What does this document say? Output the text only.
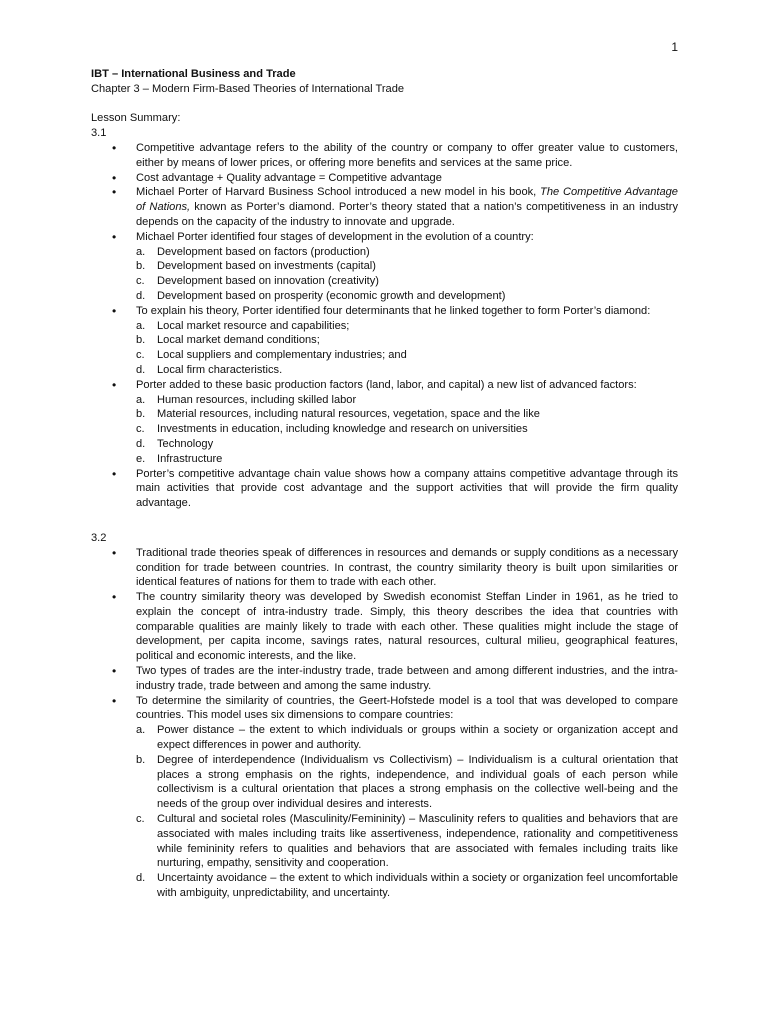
1
IBT – International Business and Trade
Chapter 3 – Modern Firm-Based Theories of International Trade
Lesson Summary:
3.1
• Competitive advantage refers to the ability of the country or company to offer greater value to customers, either by means of lower prices, or offering more benefits and services at the same price.
• Cost advantage + Quality advantage = Competitive advantage
• Michael Porter of Harvard Business School introduced a new model in his book, The Competitive Advantage of Nations, known as Porter’s diamond. Porter’s theory stated that a nation’s competitiveness in an industry depends on the capacity of the industry to innovate and upgrade.
• Michael Porter identified four stages of development in the evolution of a country:
a. Development based on factors (production)
b. Development based on investments (capital)
c. Development based on innovation (creativity)
d. Development based on prosperity (economic growth and development)
• To explain his theory, Porter identified four determinants that he linked together to form Porter’s diamond:
a. Local market resource and capabilities;
b. Local market demand conditions;
c. Local suppliers and complementary industries; and
d. Local firm characteristics.
• Porter added to these basic production factors (land, labor, and capital) a new list of advanced factors:
a. Human resources, including skilled labor
b. Material resources, including natural resources, vegetation, space and the like
c. Investments in education, including knowledge and research on universities
d. Technology
e. Infrastructure
• Porter’s competitive advantage chain value shows how a company attains competitive advantage through its main activities that provide cost advantage and the support activities that will provide the firm quality advantage.
3.2
• Traditional trade theories speak of differences in resources and demands or supply conditions as a necessary condition for trade between countries. In contrast, the country similarity theory is built upon similarities or identical features of nations for them to trade with each other.
• The country similarity theory was developed by Swedish economist Steffan Linder in 1961, as he tried to explain the concept of intra-industry trade. Simply, this theory describes the idea that countries with comparable qualities are mainly likely to trade with each other. These qualities might include the stage of development, per capita income, savings rates, natural resources, cultural milieu, geographical features, political and economic interests, and the like.
• Two types of trades are the inter-industry trade, trade between and among different industries, and the intra-industry trade, trade between and among the same industry.
• To determine the similarity of countries, the Geert-Hofstede model is a tool that was developed to compare countries. This model uses six dimensions to compare countries:
a. Power distance – the extent to which individuals or groups within a society or organization accept and expect differences in power and authority.
b. Degree of interdependence (Individualism vs Collectivism) – Individualism is a cultural orientation that places a strong emphasis on the rights, independence, and individual goals of each person while collectivism is a cultural orientation that places a strong emphasis on the collective well-being and the needs of the group over individual desires and interests.
c. Cultural and societal roles (Masculinity/Femininity) – Masculinity refers to qualities and behaviors that are associated with males including traits like assertiveness, independence, rationality and competitiveness while femininity refers to qualities and behaviors that are associated with females including traits like nurturing, empathy, sensitivity and cooperation.
d. Uncertainty avoidance – the extent to which individuals within a society or organization feel uncomfortable with ambiguity, unpredictability, and uncertainty.
